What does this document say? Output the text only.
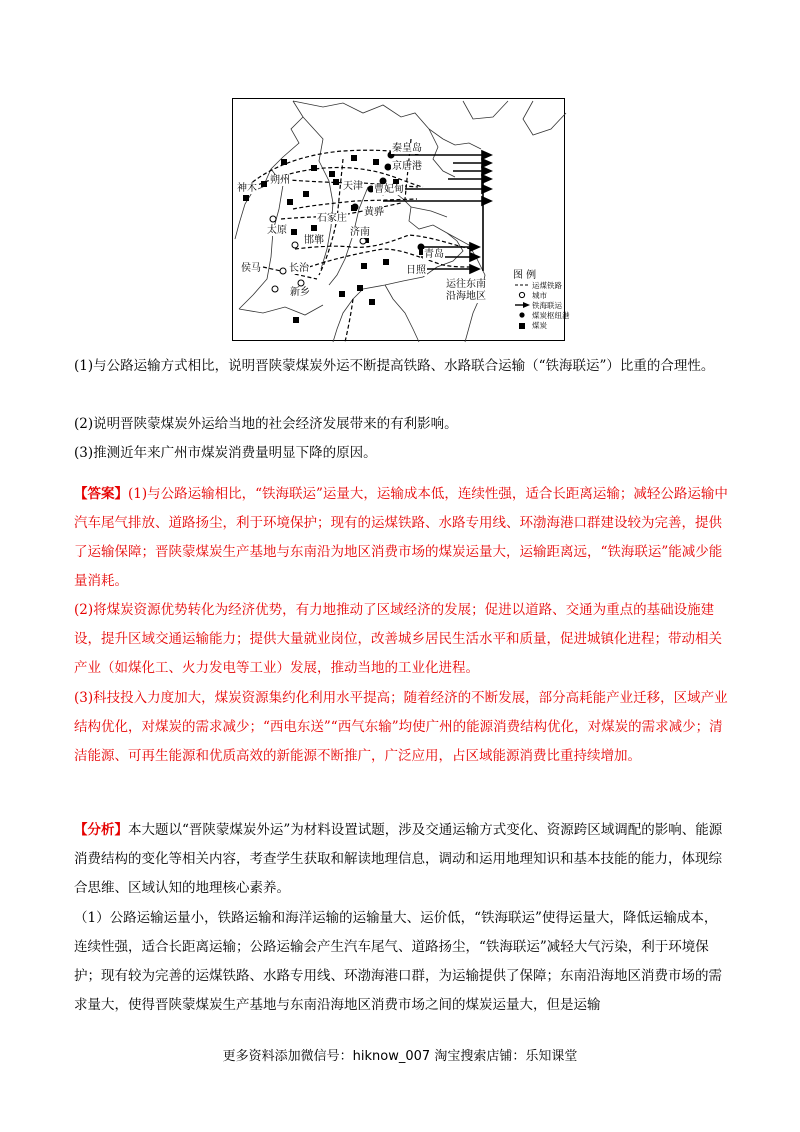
秦皇岛
京唐港
曹妃甸
天津
神木
朔州
石家庄
太原
黄骅
济南
邯郸
长治
侯马
新乡
青岛
日照
运往东南沿海地区
图 例
运煤铁路
城市
铁海联运
煤炭枢纽港
煤炭
(1)与公路运输方式相比，说明晋陕蒙煤炭外运不断提高铁路、水路联合运输（“铁海联运”）比重的合理性。
(2)说明晋陕蒙煤炭外运给当地的社会经济发展带来的有利影响。
(3)推测近年来广州市煤炭消费量明显下降的原因。
【答案】(1)与公路运输相比，“铁海联运”运量大，运输成本低，连续性强，适合长距离运输；减轻公路运输中汽车尾气排放、道路扬尘，利于环境保护；现有的运煤铁路、水路专用线、环渤海港口群建设较为完善，提供了运输保障；晋陕蒙煤炭生产基地与东南沿为地区消费市场的煤炭运量大，运输距离远，“铁海联运”能减少能量消耗。
(2)将煤炭资源优势转化为经济优势，有力地推动了区域经济的发展；促进以道路、交通为重点的基础设施建设，提升区域交通运输能力；提供大量就业岗位，改善城乡居民生活水平和质量，促进城镇化进程；带动相关产业（如煤化工、火力发电等工业）发展，推动当地的工业化进程。
(3)科技投入力度加大，煤炭资源集约化利用水平提高；随着经济的不断发展，部分高耗能产业迁移，区域产业结构优化，对煤炭的需求减少；“西电东送”“西气东输”均使广州的能源消费结构优化，对煤炭的需求减少；清洁能源、可再生能源和优质高效的新能源不断推广，广泛应用，占区域能源消费比重持续增加。
【分析】本大题以“晋陕蒙煤炭外运”为材料设置试题，涉及交通运输方式变化、资源跨区域调配的影响、能源消费结构的变化等相关内容，考查学生获取和解读地理信息，调动和运用地理知识和基本技能的能力，体现综合思维、区域认知的地理核心素养。
（1）公路运输运量小，铁路运输和海洋运输的运输量大、运价低，“铁海联运”使得运量大，降低运输成本，连续性强，适合长距离运输；公路运输会产生汽车尾气、道路扬尘，“铁海联运”减轻大气污染，利于环境保护；现有较为完善的运煤铁路、水路专用线、环渤海港口群，为运输提供了保障；东南沿海地区消费市场的需求量大，使得晋陕蒙煤炭生产基地与东南沿海地区消费市场之间的煤炭运量大，但是运输
更多资料添加微信号：hiknow_007 淘宝搜索店铺：乐知课堂
